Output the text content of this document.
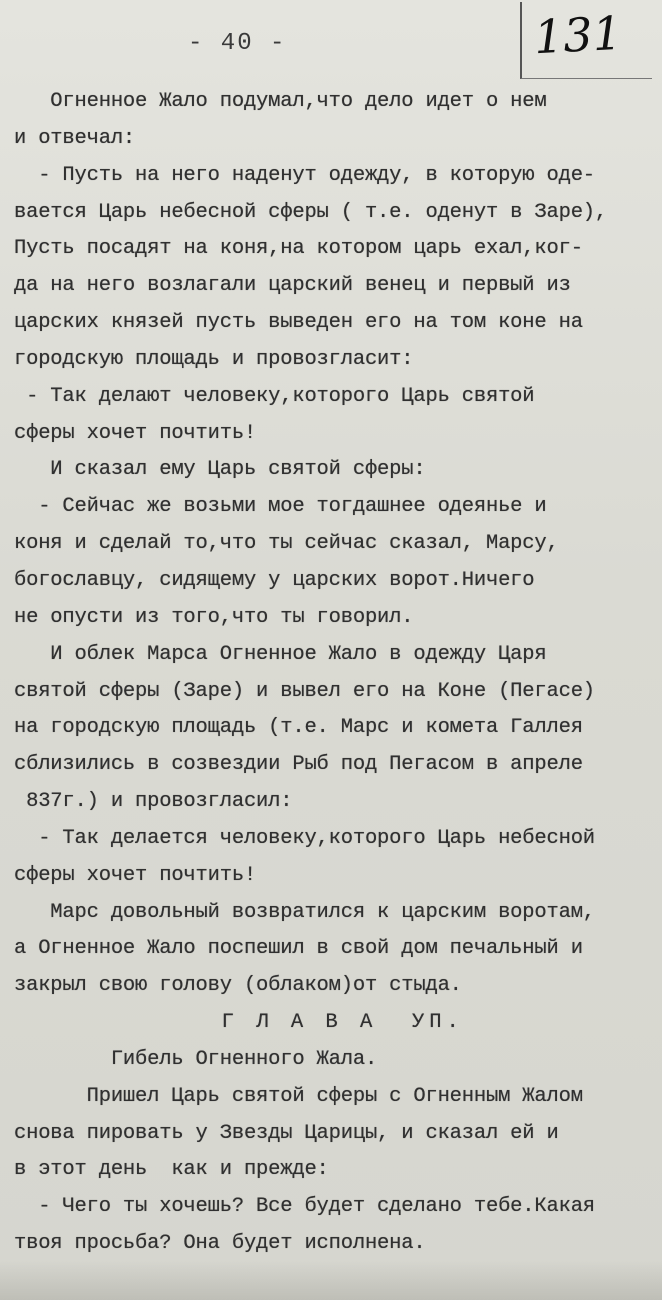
131
- 40 -
Огненное Жало подумал,что дело идет о нем
и отвечал:
- Пусть на него наденут одежду, в которую оде-
вается Царь небесной сферы ( т.е. оденут в Заре),
Пусть посадят на коня,на котором царь ехал,ког-
да на него возлагали царский венец и первый из
царских князей пусть выведен его на том коне на
городскую площадь и провозгласит:
- Так делают человеку,которого Царь святой
сферы хочет почтить!
И сказал ему Царь святой сферы:
- Сейчас же возьми мое тогдашнее одеянье и
коня и сделай то,что ты сейчас сказал, Марсу,
богославцу, сидящему у царских ворот.Ничего
не опусти из того,что ты говорил.
И облек Марса Огненное Жало в одежду Царя
святой сферы (Заре) и вывел его на Коне (Пегасе)
на городскую площадь (т.е. Марс и комета Галлея
сблизились в созвездии Рыб под Пегасом в апреле
837г.) и провозгласил:
- Так делается человеку,которого Царь небесной
сферы хочет почтить!
Марс довольный возвратился к царским воротам,
а Огненное Жало поспешил в свой дом печальный и
закрыл свою голову (облаком)от стыда.
Г Л А В А  УП.
Гибель Огненного Жала.
Пришел Царь святой сферы с Огненным Жалом
снова пировать у Звезды Царицы, и сказал ей и
в этот день  как и прежде:
- Чего ты хочешь? Все будет сделано тебе.Какая
твоя просьба? Она будет исполнена.
